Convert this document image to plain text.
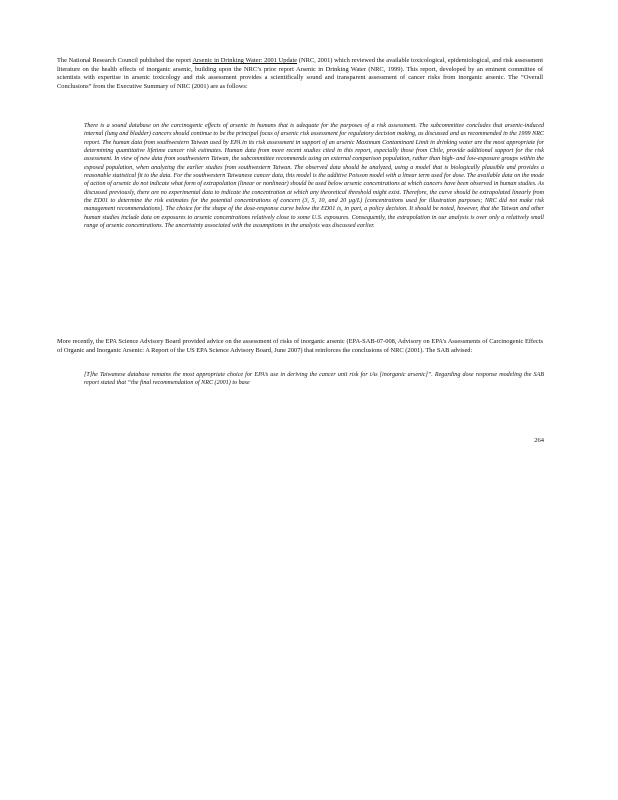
The National Research Council published the report Arsenic in Drinking Water: 2001 Update (NRC, 2001) which reviewed the available toxicological, epidemiological, and risk assessment literature on the health effects of inorganic arsenic, building upon the NRC’s prior report Arsenic in Drinking Water (NRC, 1999). This report, developed by an eminent committee of scientists with expertise in arsenic toxicology and risk assessment provides a scientifically sound and transparent assessment of cancer risks from inorganic arsenic. The “Overall Conclusions” from the Executive Summary of NRC (2001) are as follows:

There is a sound database on the carcinogenic effects of arsenic in humans that is adequate for the purposes of a risk assessment. The subcommittee concludes that arsenic-induced internal (lung and bladder) cancers should continue to be the principal focus of arsenic risk assessment for regulatory decision making, as discussed and as recommended in the 1999 NRC report. The human data from southwestern Taiwan used by EPA in its risk assessment in support of an arsenic Maximum Contaminant Limit in drinking water are the most appropriate for determining quantitative lifetime cancer risk estimates. Human data from more recent studies cited in this report, especially those from Chile, provide additional support for the risk assessment. In view of new data from southwestern Taiwan, the subcommittee recommends using an external comparison population, rather than high- and low-exposure groups within the exposed population, when analyzing the earlier studies from southwestern Taiwan. The observed data should be analyzed, using a model that is biologically plausible and provides a reasonable statistical fit to the data. For the southwestern Taiwanese cancer data, this model is the additive Poisson model with a linear term used for dose. The available data on the mode of action of arsenic do not indicate what form of extrapolation (linear or nonlinear) should be used below arsenic concentrations at which cancers have been observed in human studies. As discussed previously, there are no experimental data to indicate the concentration at which any theoretical threshold might exist. Therefore, the curve should be extrapolated linearly from the ED01 to determine the risk estimates for the potential concentrations of concern (3, 5, 10, and 20 µg/L) [concentrations used for illustration purposes; NRC did not make risk management recommendations]. The choice for the shape of the dose-response curve below the ED01 is, in part, a policy decision. It should be noted, however, that the Taiwan and other human studies include data on exposures to arsenic concentrations relatively close to some U.S. exposures. Consequently, the extrapolation in our analysis is over only a relatively small range of arsenic concentrations. The uncertainty associated with the assumptions in the analysis was discussed earlier.

More recently, the EPA Science Advisory Board provided advice on the assessment of risks of inorganic arsenic (EPA-SAB-07-008, Advisory on EPA’s Assessments of Carcinogenic Effects of Organic and Inorganic Arsenic: A Report of the US EPA Science Advisory Board, June 2007) that reinforces the conclusions of NRC (2001). The SAB advised:

[T]he Taiwanese database remains the most appropriate choice for EPA’s use in deriving the cancer unit risk for iAs [inorganic arsenic]”. Regarding dose response modeling the SAB report stated that “the final recommendation of NRC (2001) to base

264
